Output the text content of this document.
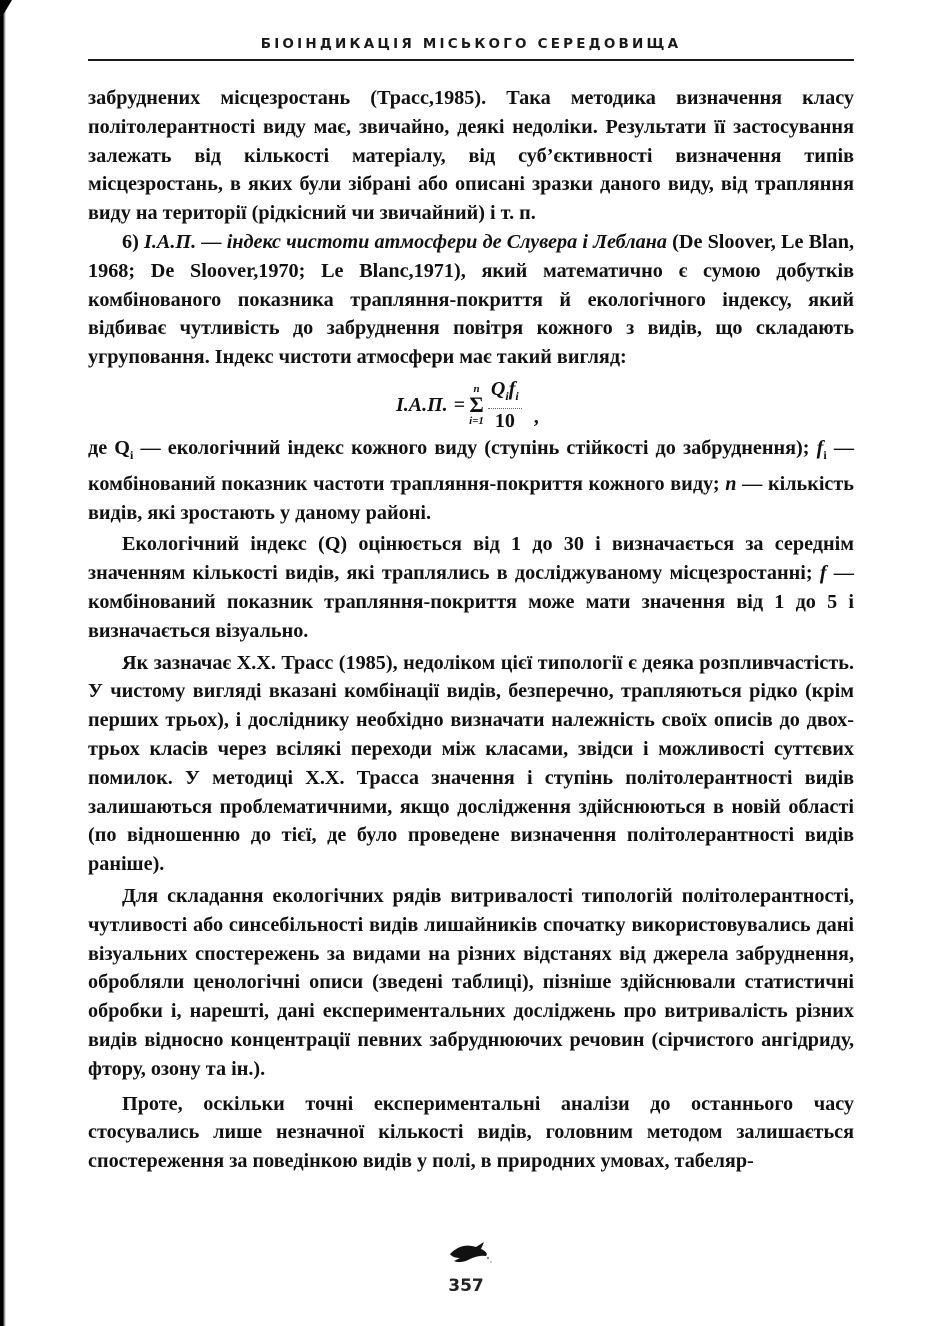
БІОІНДИКАЦІЯ МІСЬКОГО СЕРЕДОВИЩА

забруднених місцезростань (Трасс,1985). Така методика визначення класу політолерантності виду має, звичайно, деякі недоліки. Результати її застосування залежать від кількості матеріалу, від суб’єктивності визначення типів місцезростань, в яких були зібрані або описані зразки даного виду, від трапляння виду на території (рідкісний чи звичайний) і т. п.

6) І.А.П. — індекс чистоти атмосфери де Слувера і Леблана (De Sloover, Le Blan, 1968; De Sloover,1970; Le Blanc,1971), який математично є сумою добутків комбінованого показника трапляння-покриття й екологічного індексу, який відбиває чутливість до забруднення повітря кожного з видів, що складають угруповання. Індекс чистоти атмосфери має такий вигляд:

І.А.П. =
n
Σ
$i=1 \frac{Q_if_i}{10}$ ,

де $Q_i$ — екологічний індекс кожного виду (ступінь стійкості до забруднення); $f_i$ — комбінований показник частоти трапляння-покриття кожного виду; n — кількість видів, які зростають у даному районі.

Екологічний індекс (Q) оцінюється від 1 до 30 і визначається за середнім значенням кількості видів, які траплялись в досліджуваному місцезростанні; f — комбінований показник трапляння-покриття може мати значення від 1 до 5 і визначається візуально.

Як зазначає Х.Х. Трасс (1985), недоліком цієї типології є деяка розпливчастість. У чистому вигляді вказані комбінації видів, безперечно, трапляються рідко (крім перших трьох), і досліднику необхідно визначати належність своїх описів до двох-трьох класів через всілякі переходи між класами, звідси і можливості суттєвих помилок. У методиці Х.Х. Трасса значення і ступінь політолерантності видів залишаються проблематичними, якщо дослідження здійснюються в новій області (по відношенню до тієї, де було проведене визначення політолерантності видів раніше).

Для складання екологічних рядів витривалості типологій політолерантності, чутливості або синсебільності видів лишайників спочатку використовувались дані візуальних спостережень за видами на різних відстанях від джерела забруднення, обробляли ценологічні описи (зведені таблиці), пізніше здійснювали статистичні обробки і, нарешті, дані експериментальних досліджень про витривалість різних видів відносно концентрації певних забруднюючих речовин (сірчистого ангідриду, фтору, озону та ін.).

Проте, оскільки точні експериментальні аналізи до останнього часу стосувались лише незначної кількості видів, головним методом залишається спостереження за поведінкою видів у полі, в природних умовах, табеляр-

357
